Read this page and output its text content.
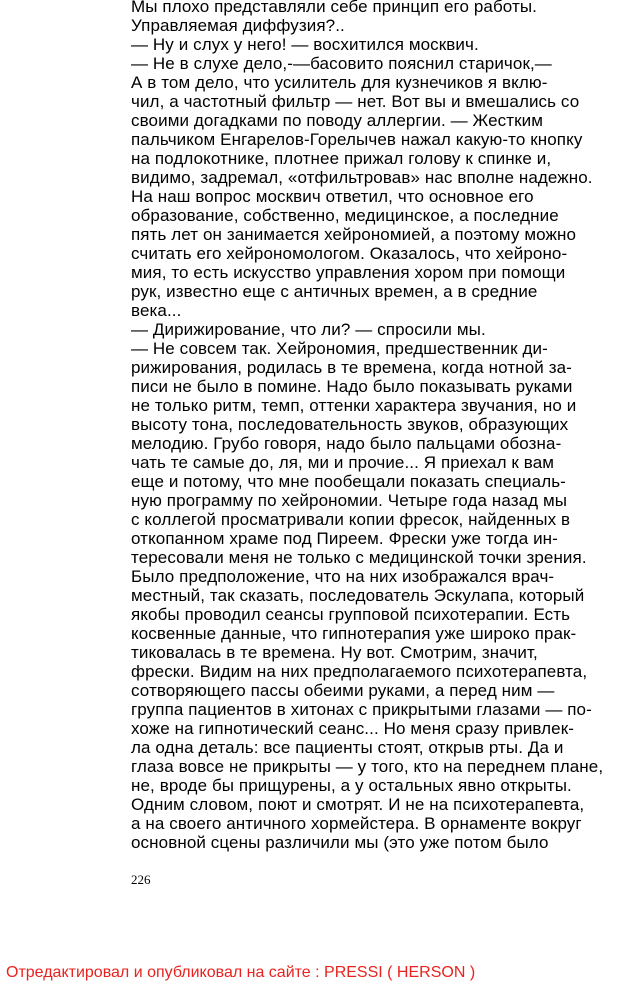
Мы плохо представляли себе принцип его работы.
Управляемая диффузия?..
— Ну и слух у него! — восхитился москвич.
— Не в слухе дело,-—басовито пояснил старичок,—
А в том дело, что усилитель для кузнечиков я вклю-
чил, а частотный фильтр — нет. Вот вы и вмешались со
своими догадками по поводу аллергии. — Жестким
пальчиком Енгарелов-Горелычев нажал какую-то кнопку
на подлокотнике, плотнее прижал голову к спинке и,
видимо, задремал, «отфильтровав» нас вполне надежно.
На наш вопрос москвич ответил, что основное его
образование, собственно, медицинское, а последние
пять лет он занимается хейрономией, а поэтому можно
считать его хейрономологом. Оказалось, что хейроно-
мия, то есть искусство управления хором при помощи
рук, известно еще с античных времен, а в средние
века...
— Дирижирование, что ли? — спросили мы.
— Не совсем так. Хейрономия, предшественник ди-
рижирования, родилась в те времена, когда нотной за-
писи не было в помине. Надо было показывать руками
не только ритм, темп, оттенки характера звучания, но и
высоту тона, последовательность звуков, образующих
мелодию. Грубо говоря, надо было пальцами обозна-
чать те самые до, ля, ми и прочие... Я приехал к вам
еще и потому, что мне пообещали показать специаль-
ную программу по хейрономии. Четыре года назад мы
с коллегой просматривали копии фресок, найденных в
откопанном храме под Пиреем. Фрески уже тогда ин-
тересовали меня не только с медицинской точки зрения.
Было предположение, что на них изображался врач-
местный, так сказать, последователь Эскулапа, который
якобы проводил сеансы групповой психотерапии. Есть
косвенные данные, что гипнотерапия уже широко прак-
тиковалась в те времена. Ну вот. Смотрим, значит,
фрески. Видим на них предполагаемого психотерапевта,
сотворяющего пассы обеими руками, а перед ним —
группа пациентов в хитонах с прикрытыми глазами — по-
хоже на гипнотический сеанс... Но меня сразу привлек-
ла одна деталь: все пациенты стоят, открыв рты. Да и
глаза вовсе не прикрыты — у того, кто на переднем плане,
не, вроде бы прищурены, а у остальных явно открыты.
Одним словом, поют и смотрят. И не на психотерапевта,
а на своего античного хормейстера. В орнаменте вокруг
основной сцены различили мы (это уже потом было
226
Отредактировал и опубликовал на сайте : PRESSI ( HERSON )
